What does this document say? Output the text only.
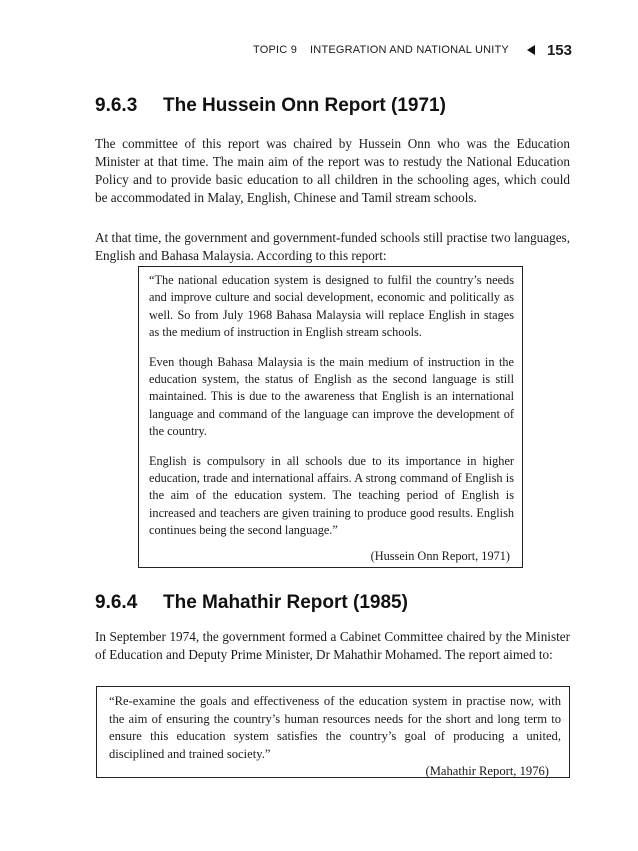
TOPIC 9    INTEGRATION AND NATIONAL UNITY	153
9.6.3 The Hussein Onn Report (1971)

The committee of this report was chaired by Hussein Onn who was the Education Minister at that time. The main aim of the report was to restudy the National Education Policy and to provide basic education to all children in the schooling ages, which could be accommodated in Malay, English, Chinese and Tamil stream schools.

At that time, the government and government-funded schools still practise two languages, English and Bahasa Malaysia. According to this report:

“The national education system is designed to fulfil the country’s needs and improve culture and social development, economic and politically as well. So from July 1968 Bahasa Malaysia will replace English in stages as the medium of instruction in English stream schools.

Even though Bahasa Malaysia is the main medium of instruction in the education system, the status of English as the second language is still maintained. This is due to the awareness that English is an international language and command of the language can improve the development of the country.

English is compulsory in all schools due to its importance in higher education, trade and international affairs. A strong command of English is the aim of the education system. The teaching period of English is increased and teachers are given training to produce good results. English continues being the second language.”

(Hussein Onn Report, 1971)

9.6.4 The Mahathir Report (1985)

In September 1974, the government formed a Cabinet Committee chaired by the Minister of Education and Deputy Prime Minister, Dr Mahathir Mohamed. The report aimed to:

“Re-examine the goals and effectiveness of the education system in practise now, with the aim of ensuring the country’s human resources needs for the short and long term to ensure this education system satisfies the country’s goal of producing a united, disciplined and trained society.”

(Mahathir Report, 1976)
